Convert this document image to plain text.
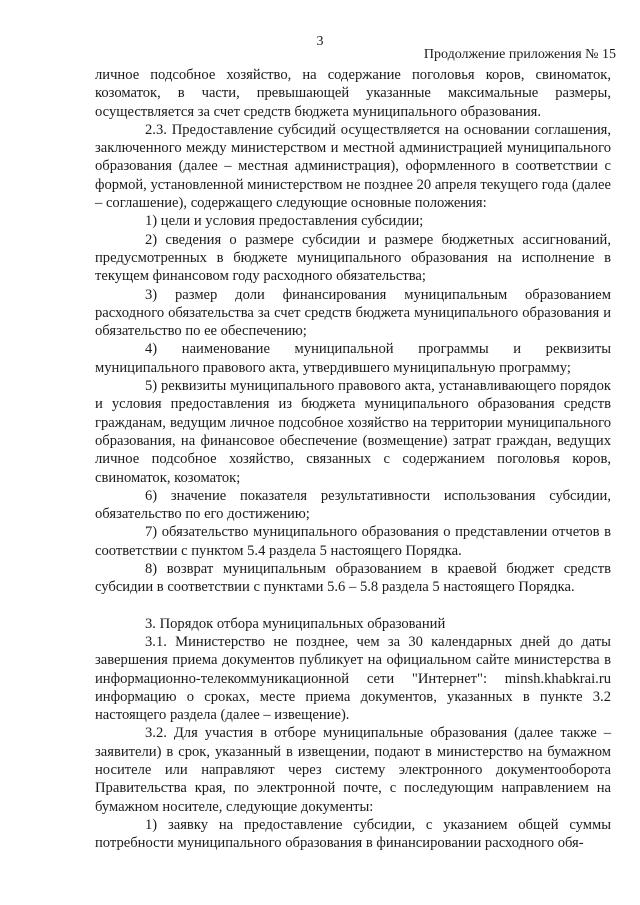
3
Продолжение приложения № 15

личное подсобное хозяйство, на содержание поголовья коров, свиноматок, козоматок, в части, превышающей указанные максимальные размеры, осуществляется за счет средств бюджета муниципального образования.

2.3. Предоставление субсидий осуществляется на основании соглашения, заключенного между министерством и местной администрацией муниципального образования (далее – местная администрация), оформленного в соответствии с формой, установленной министерством не позднее 20 апреля текущего года (далее – соглашение), содержащего следующие основные положения:

1) цели и условия предоставления субсидии;

2) сведения о размере субсидии и размере бюджетных ассигнований, предусмотренных в бюджете муниципального образования на исполнение в текущем финансовом году расходного обязательства;

3) размер доли финансирования муниципальным образованием расходного обязательства за счет средств бюджета муниципального образования и обязательство по ее обеспечению;

4) наименование муниципальной программы и реквизиты муниципального правового акта, утвердившего муниципальную программу;

5) реквизиты муниципального правового акта, устанавливающего порядок и условия предоставления из бюджета муниципального образования средств гражданам, ведущим личное подсобное хозяйство на территории муниципального образования, на финансовое обеспечение (возмещение) затрат граждан, ведущих личное подсобное хозяйство, связанных с содержанием поголовья коров, свиноматок, козоматок;

6) значение показателя результативности использования субсидии, обязательство по его достижению;

7) обязательство муниципального образования о представлении отчетов в соответствии с пунктом 5.4 раздела 5 настоящего Порядка.

8) возврат муниципальным образованием в краевой бюджет средств субсидии в соответствии с пунктами 5.6 – 5.8 раздела 5 настоящего Порядка.

3. Порядок отбора муниципальных образований

3.1. Министерство не позднее, чем за 30 календарных дней до даты завершения приема документов публикует на официальном сайте министерства в информационно-телекоммуникационной сети "Интернет": minsh.khabkrai.ru информацию о сроках, месте приема документов, указанных в пункте 3.2 настоящего раздела (далее – извещение).

3.2. Для участия в отборе муниципальные образования (далее также – заявители) в срок, указанный в извещении, подают в министерство на бумажном носителе или направляют через систему электронного документооборота Правительства края, по электронной почте, с последующим направлением на бумажном носителе, следующие документы:

1) заявку на предоставление субсидии, с указанием общей суммы потребности муниципального образования в финансировании расходного обя-
